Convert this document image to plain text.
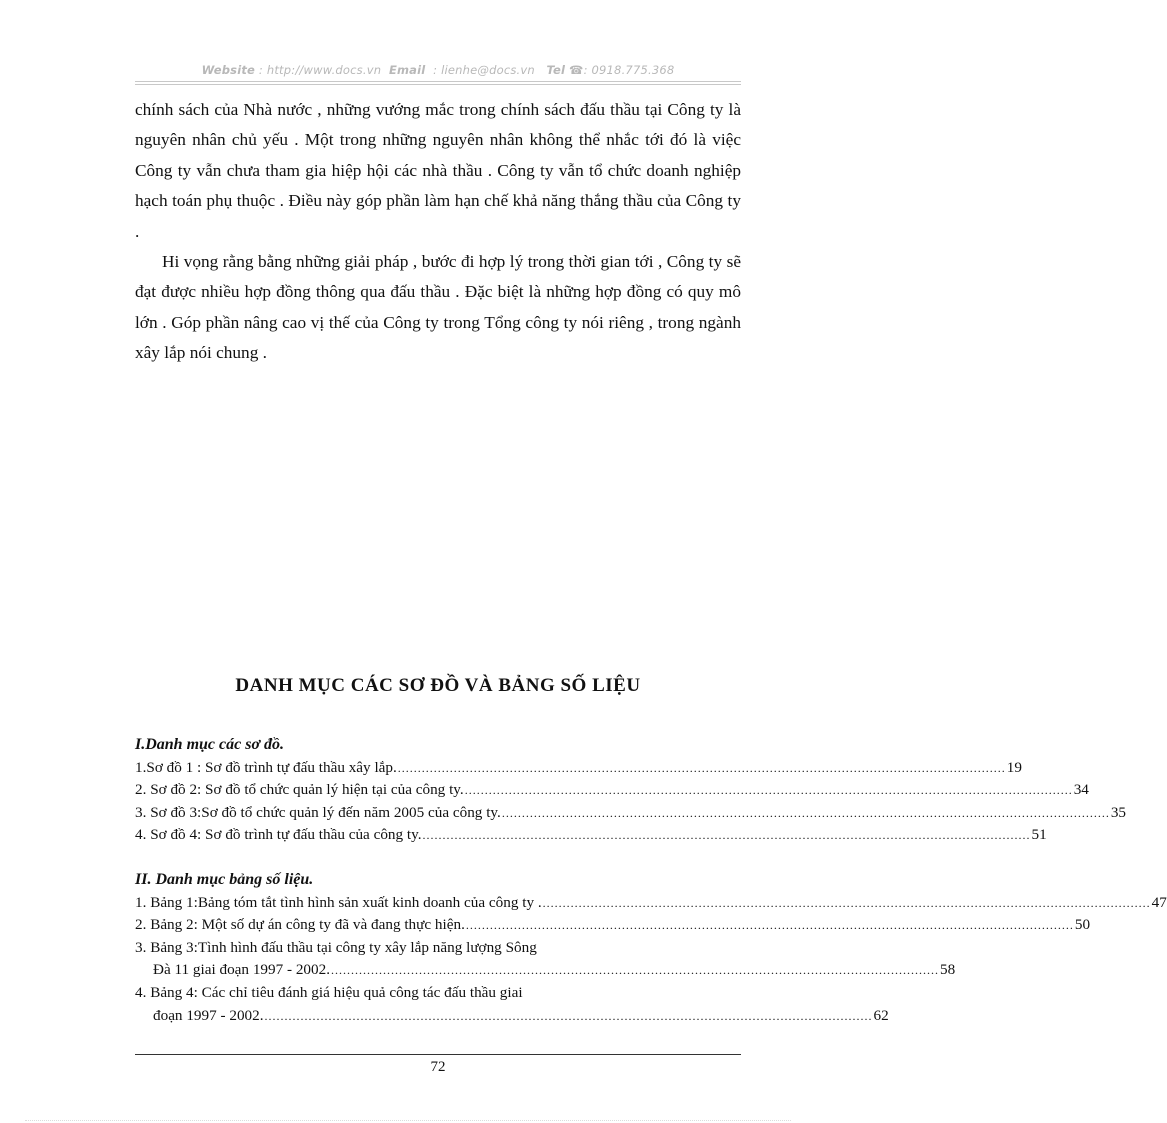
Website : http://www.docs.vn Email : lienhe@docs.vn Tel ☎: 0918.775.368

chính sách của Nhà nước , những vướng mắc trong chính sách đấu thầu tại Công ty là nguyên nhân chủ yếu . Một trong những nguyên nhân không thể nhắc tới đó là việc Công ty vẫn chưa tham gia hiệp hội các nhà thầu . Công ty vẫn tổ chức doanh nghiệp hạch toán phụ thuộc . Điều này góp phần làm hạn chế khả năng thắng thầu của Công ty .

Hi vọng rằng bằng những giải pháp , bước đi hợp lý trong thời gian tới , Công ty sẽ đạt được nhiều hợp đồng thông qua đấu thầu . Đặc biệt là những hợp đồng có quy mô lớn . Góp phần nâng cao vị thế của Công ty trong Tổng công ty nói riêng , trong ngành xây lắp nói chung .

DANH MỤC CÁC SƠ ĐỒ VÀ BẢNG SỐ LIỆU
I.Danh mục các sơ đồ.
1.Sơ đồ 1 : Sơ đồ trình tự đấu thầu xây lắp. ........................................................................................................................................................ 19
2. Sơ đồ 2: Sơ đồ tổ chức quản lý hiện tại của công ty. ........................................................................................................................................................ 34
3. Sơ đồ 3:Sơ đồ tổ chức quản lý đến năm 2005 của công ty. ........................................................................................................................................................ 35
4. Sơ đồ 4: Sơ đồ trình tự đấu thầu của công ty. ........................................................................................................................................................ 51
II. Danh mục bảng số liệu.
1. Bảng 1:Bảng tóm tắt tình hình sản xuất kinh doanh của công ty . ........................................................................................................................................................ 47
2. Bảng 2: Một số dự án công ty đã và đang thực hiện. ........................................................................................................................................................ 50
3. Bảng 3:Tình hình đấu thầu tại công ty xây lắp năng lượng Sông
Đà 11 giai đoạn 1997 - 2002. ........................................................................................................................................................ 58
4. Bảng 4: Các chỉ tiêu đánh giá hiệu quả công tác đấu thầu giai
đoạn 1997 - 2002. ........................................................................................................................................................ 62
72
